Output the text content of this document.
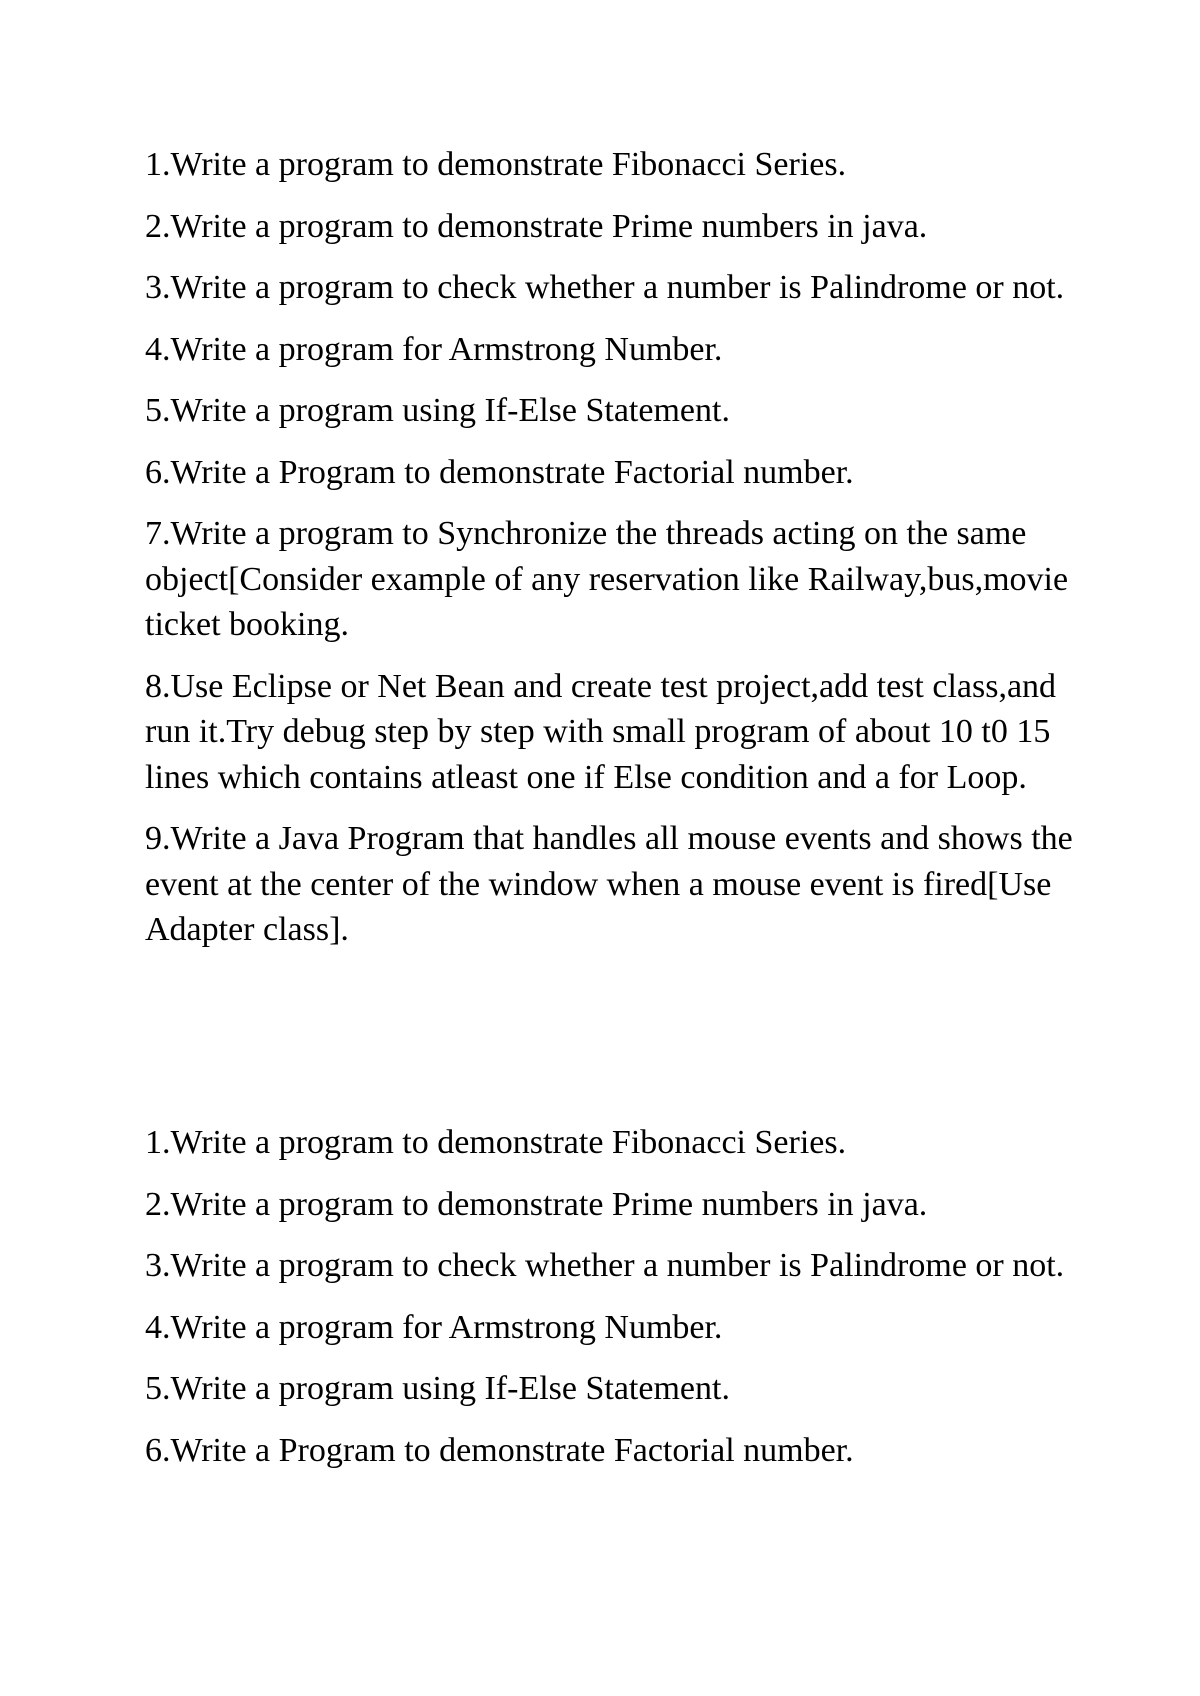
1.Write a program to demonstrate Fibonacci Series.

2.Write a program to demonstrate Prime numbers in java.

3.Write a program to check whether a number is Palindrome or not.

4.Write a program for Armstrong Number.

5.Write a program using If-Else Statement.

6.Write a Program to demonstrate Factorial number.

7.Write a program to Synchronize the threads acting on the same object[Consider example of any reservation like Railway,bus,movie ticket booking.

8.Use Eclipse or Net Bean and create test project,add test class,and run it.Try debug step by step with small program of about 10 t0 15 lines which contains atleast one if Else condition and a for Loop.

9.Write a Java Program that handles all mouse events and shows the event at the center of the window when a mouse event is fired[Use Adapter class].

1.Write a program to demonstrate Fibonacci Series.

2.Write a program to demonstrate Prime numbers in java.

3.Write a program to check whether a number is Palindrome or not.

4.Write a program for Armstrong Number.

5.Write a program using If-Else Statement.

6.Write a Program to demonstrate Factorial number.
